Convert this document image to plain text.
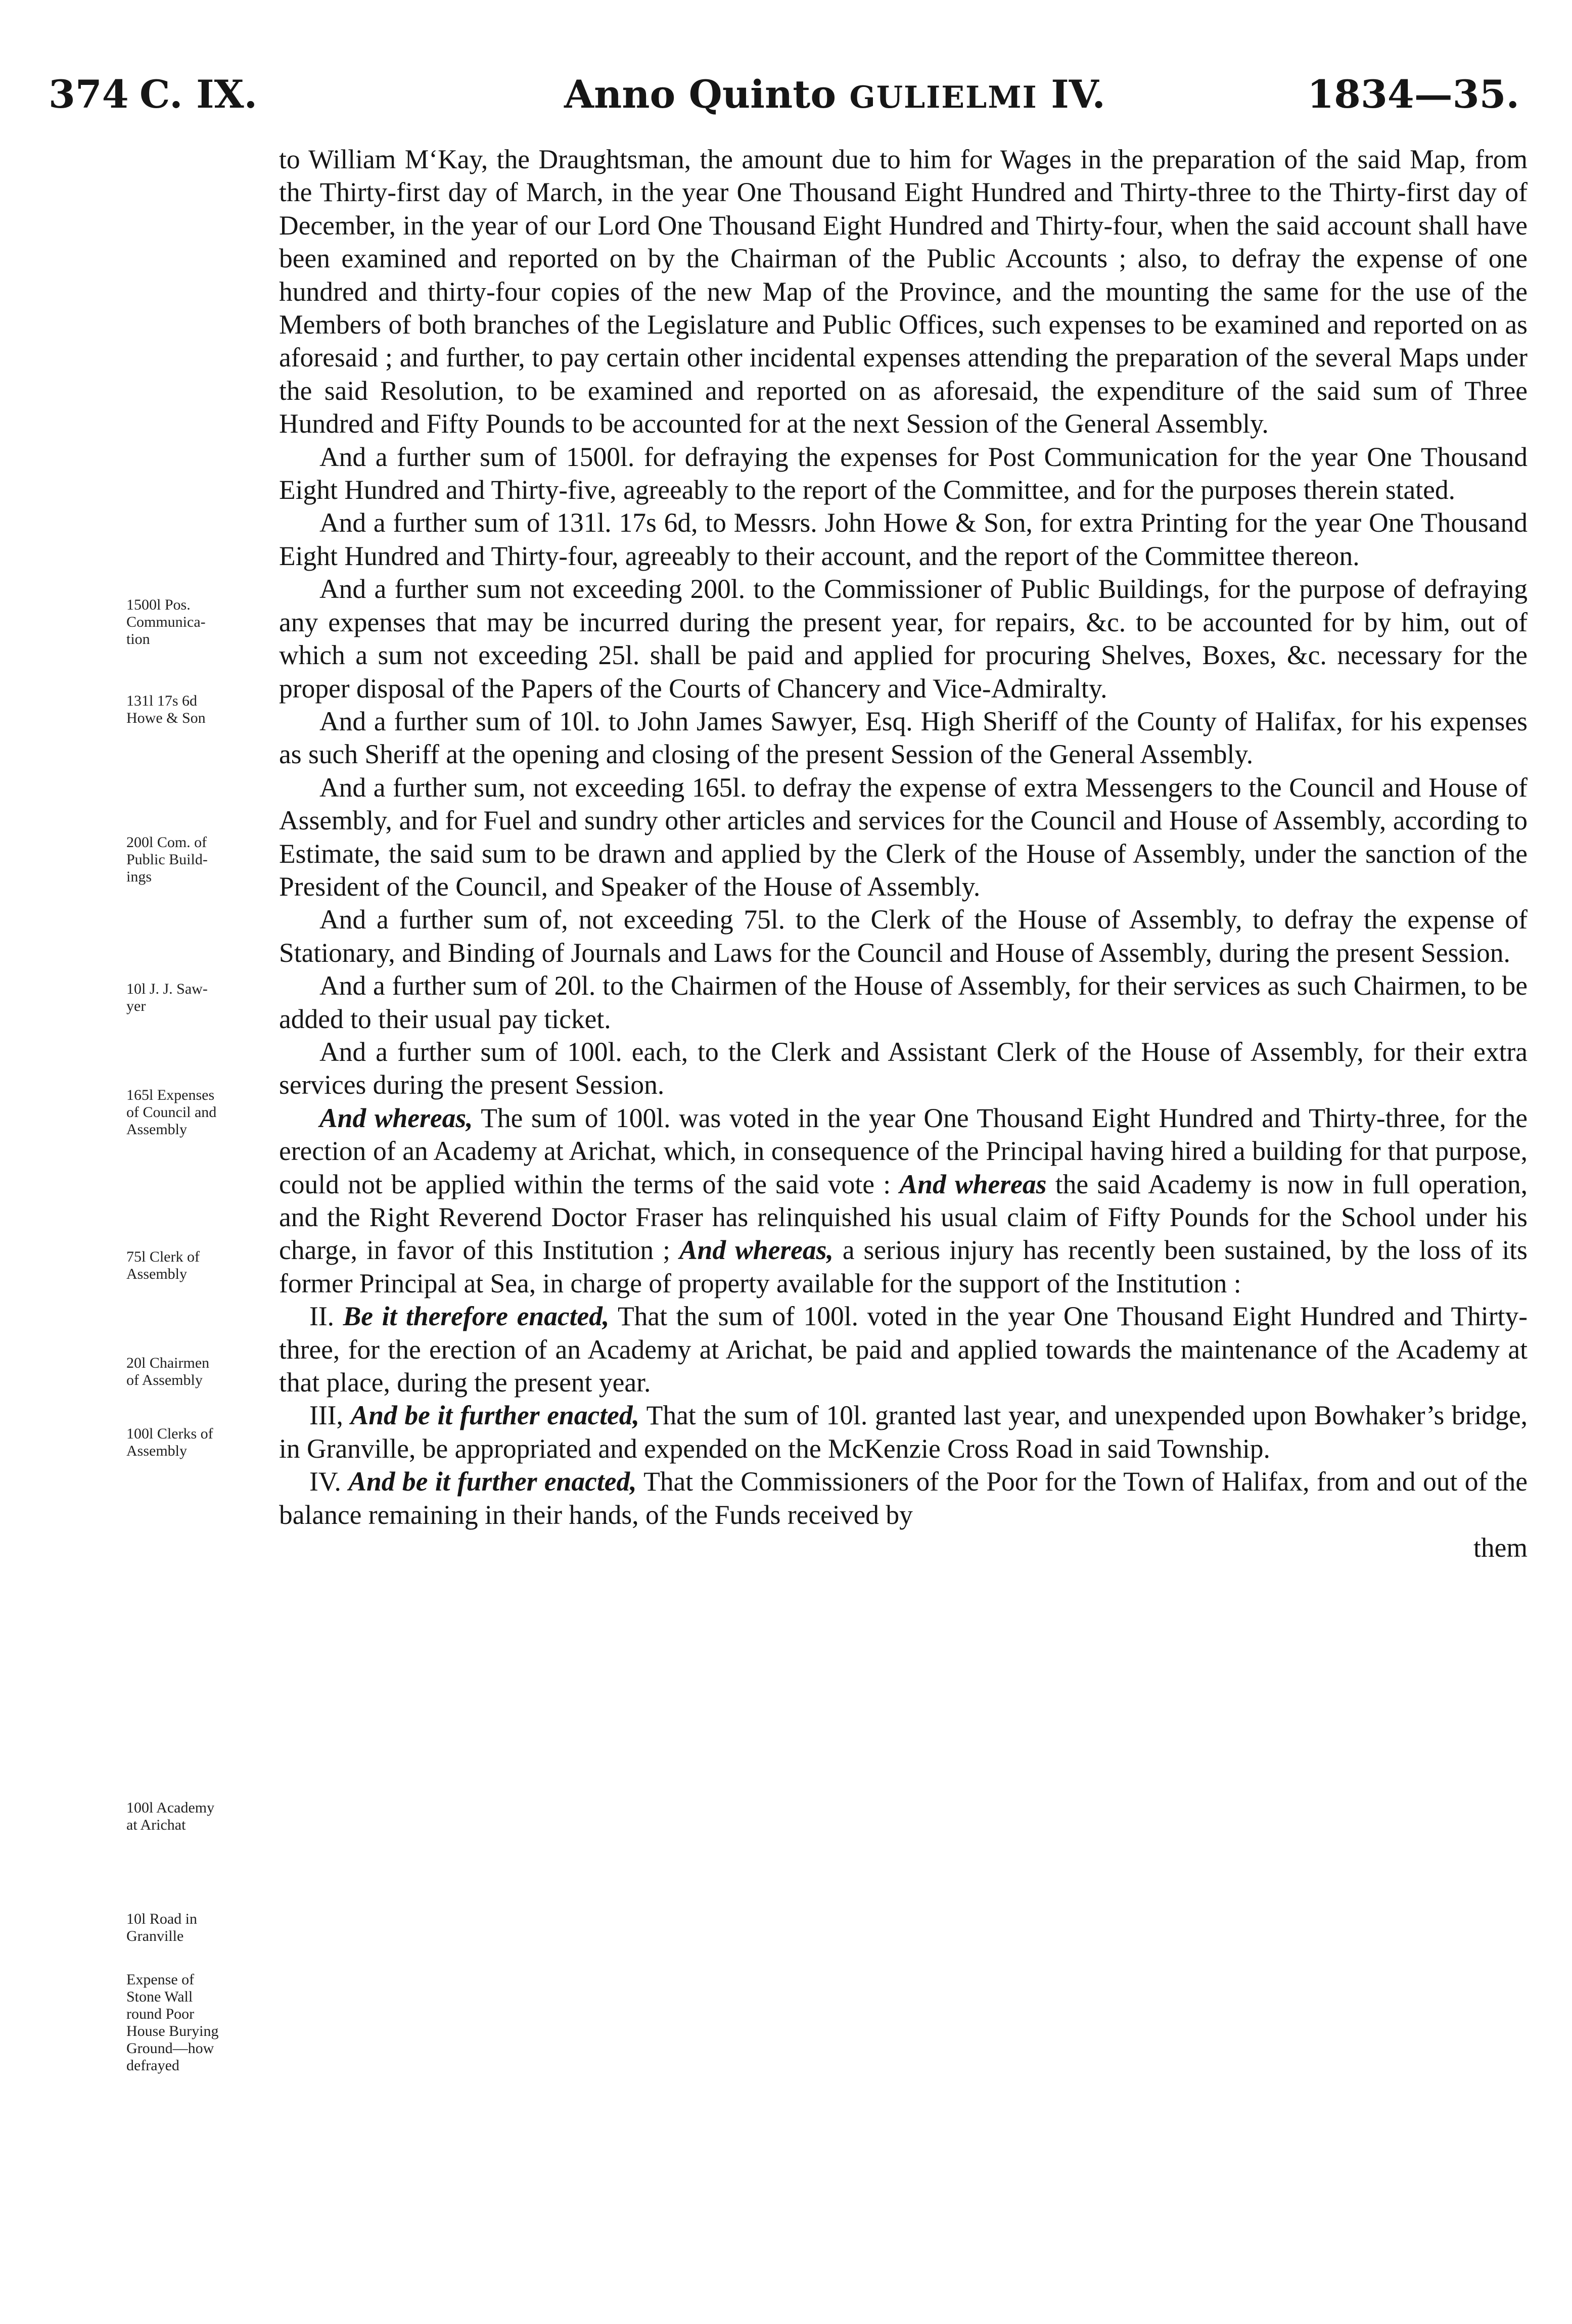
374 C. IX.	Anno Quinto GULIELMI IV.	1834—35.

to William M‘Kay, the Draughtsman, the amount due to him for Wages in the preparation of the said Map, from the Thirty-first day of March, in the year One Thousand Eight Hundred and Thirty-three to the Thirty-first day of December, in the year of our Lord One Thousand Eight Hundred and Thirty-four, when the said account shall have been examined and reported on by the Chairman of the Public Accounts ; also, to defray the expense of one hundred and thirty-four copies of the new Map of the Province, and the mounting the same for the use of the Members of both branches of the Legislature and Public Offices, such expenses to be examined and reported on as aforesaid ; and further, to pay certain other incidental expenses attending the preparation of the several Maps under the said Resolution, to be examined and reported on as aforesaid, the expenditure of the said sum of Three Hundred and Fifty Pounds to be accounted for at the next Session of the General Assembly.

And a further sum of 1500l. for defraying the expenses for Post Communication for the year One Thousand Eight Hundred and Thirty-five, agreeably to the report of the Committee, and for the purposes therein stated.

And a further sum of 131l. 17s 6d, to Messrs. John Howe & Son, for extra Printing for the year One Thousand Eight Hundred and Thirty-four, agreeably to their account, and the report of the Committee thereon.

And a further sum not exceeding 200l. to the Commissioner of Public Buildings, for the purpose of defraying any expenses that may be incurred during the present year, for repairs, &c. to be accounted for by him, out of which a sum not exceeding 25l. shall be paid and applied for procuring Shelves, Boxes, &c. necessary for the proper disposal of the Papers of the Courts of Chancery and Vice-Admiralty.

And a further sum of 10l. to John James Sawyer, Esq. High Sheriff of the County of Halifax, for his expenses as such Sheriff at the opening and closing of the present Session of the General Assembly.

And a further sum, not exceeding 165l. to defray the expense of extra Messengers to the Council and House of Assembly, and for Fuel and sundry other articles and services for the Council and House of Assembly, according to Estimate, the said sum to be drawn and applied by the Clerk of the House of Assembly, under the sanction of the President of the Council, and Speaker of the House of Assembly.

And a further sum of, not exceeding 75l. to the Clerk of the House of Assembly, to defray the expense of Stationary, and Binding of Journals and Laws for the Council and House of Assembly, during the present Session.

And a further sum of 20l. to the Chairmen of the House of Assembly, for their services as such Chairmen, to be added to their usual pay ticket.

And a further sum of 100l. each, to the Clerk and Assistant Clerk of the House of Assembly, for their extra services during the present Session.

And whereas, The sum of 100l. was voted in the year One Thousand Eight Hundred and Thirty-three, for the erection of an Academy at Arichat, which, in consequence of the Principal having hired a building for that purpose, could not be applied within the terms of the said vote : And whereas the said Academy is now in full operation, and the Right Reverend Doctor Fraser has relinquished his usual claim of Fifty Pounds for the School under his charge, in favor of this Institution ; And whereas, a serious injury has recently been sustained, by the loss of its former Principal at Sea, in charge of property available for the support of the Institution :

II. Be it therefore enacted, That the sum of 100l. voted in the year One Thousand Eight Hundred and Thirty-three, for the erection of an Academy at Arichat, be paid and applied towards the maintenance of the Academy at that place, during the present year.

III, And be it further enacted, That the sum of 10l. granted last year, and unexpended upon Bowhaker’s bridge, in Granville, be appropriated and expended on the McKenzie Cross Road in said Township.

IV. And be it further enacted, That the Commissioners of the Poor for the Town of Halifax, from and out of the balance remaining in their hands, of the Funds received by

them

1500l Pos.
Communica-
tion
131l 17s 6d
Howe & Son
200l Com. of
Public Build-
ings
10l J. J. Saw-
yer
165l Expenses
of Council and
Assembly
75l Clerk of
Assembly
20l Chairmen
of Assembly
100l Clerks of
Assembly
100l Academy
at Arichat
10l Road in
Granville
Expense of
Stone Wall
round Poor
House Burying
Ground—how
defrayed
